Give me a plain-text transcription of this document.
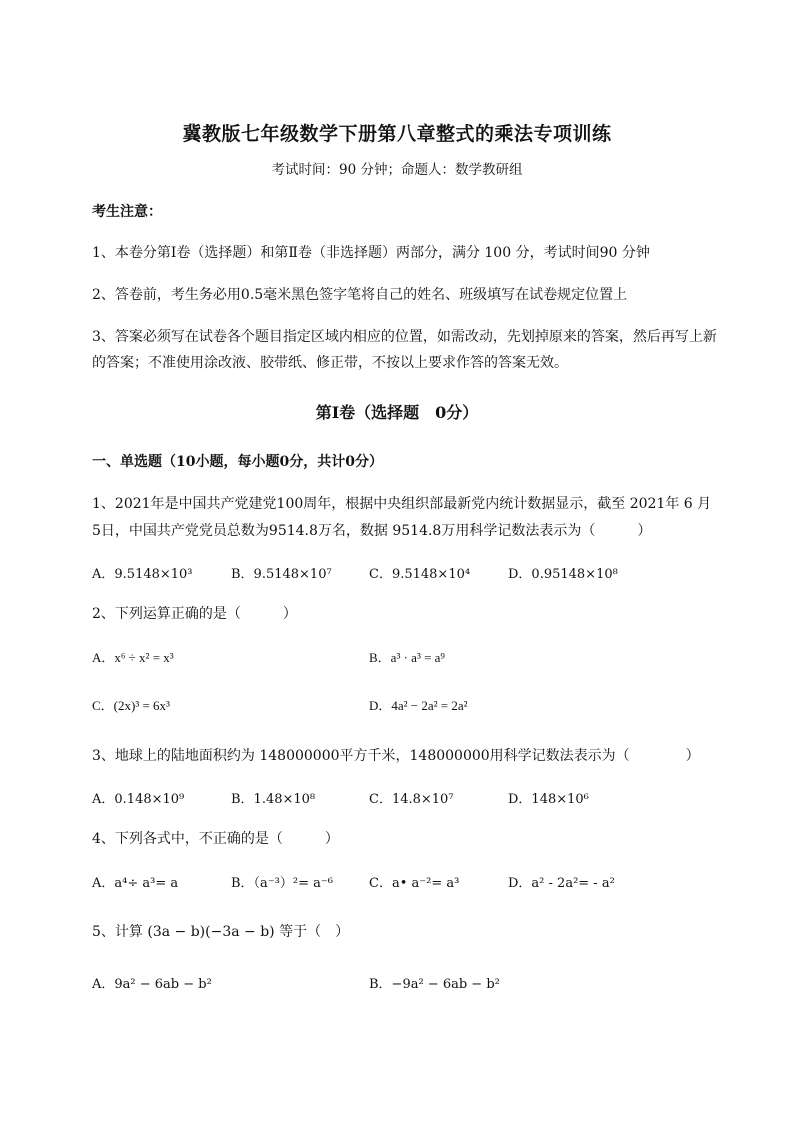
冀教版七年级数学下册第八章整式的乘法专项训练
考试时间：90 分钟；命题人：数学教研组
考生注意：
1、本卷分第Ⅰ卷（选择题）和第Ⅱ卷（非选择题）两部分，满分 100 分，考试时间90 分钟
2、答卷前，考生务必用0.5毫米黑色签字笔将自己的姓名、班级填写在试卷规定位置上
3、答案必须写在试卷各个题目指定区域内相应的位置，如需改动，先划掉原来的答案，然后再写上新
的答案；不准使用涂改液、胶带纸、修正带，不按以上要求作答的答案无效。
第Ⅰ卷（选择题　0分）
一、单选题（10小题，每小题0分，共计0分）
1、2021年是中国共产党建党100周年，根据中央组织部最新党内统计数据显示，截至 2021年 6 月
5日，中国共产党党员总数为9514.8万名，数据 9514.8万用科学记数法表示为（　　　）
A．9.5148×10³	B．9.5148×10⁷	C．9.5148×10⁴	D．0.95148×10⁸
2、下列运算正确的是（　　　）
A．x⁶ ÷ x² = x³	B．a³ · a³ = a⁹
C．(2x)³ = 6x³	D．4a² − 2a² = 2a²
3、地球上的陆地面积约为 148000000平方千米，148000000用科学记数法表示为（　　　　）
A．0.148×10⁹	B．1.48×10⁸	C．14.8×10⁷	D．148×10⁶
4、下列各式中，不正确的是（　　　）
A．a⁴÷ a³= a	B．（a⁻³）²= a⁻⁶	C．a• a⁻²= a³	D．a² - 2a²= - a²
5、计算 (3a − b)(−3a − b) 等于（　）
A．9a² − 6ab − b²	B．−9a² − 6ab − b²
